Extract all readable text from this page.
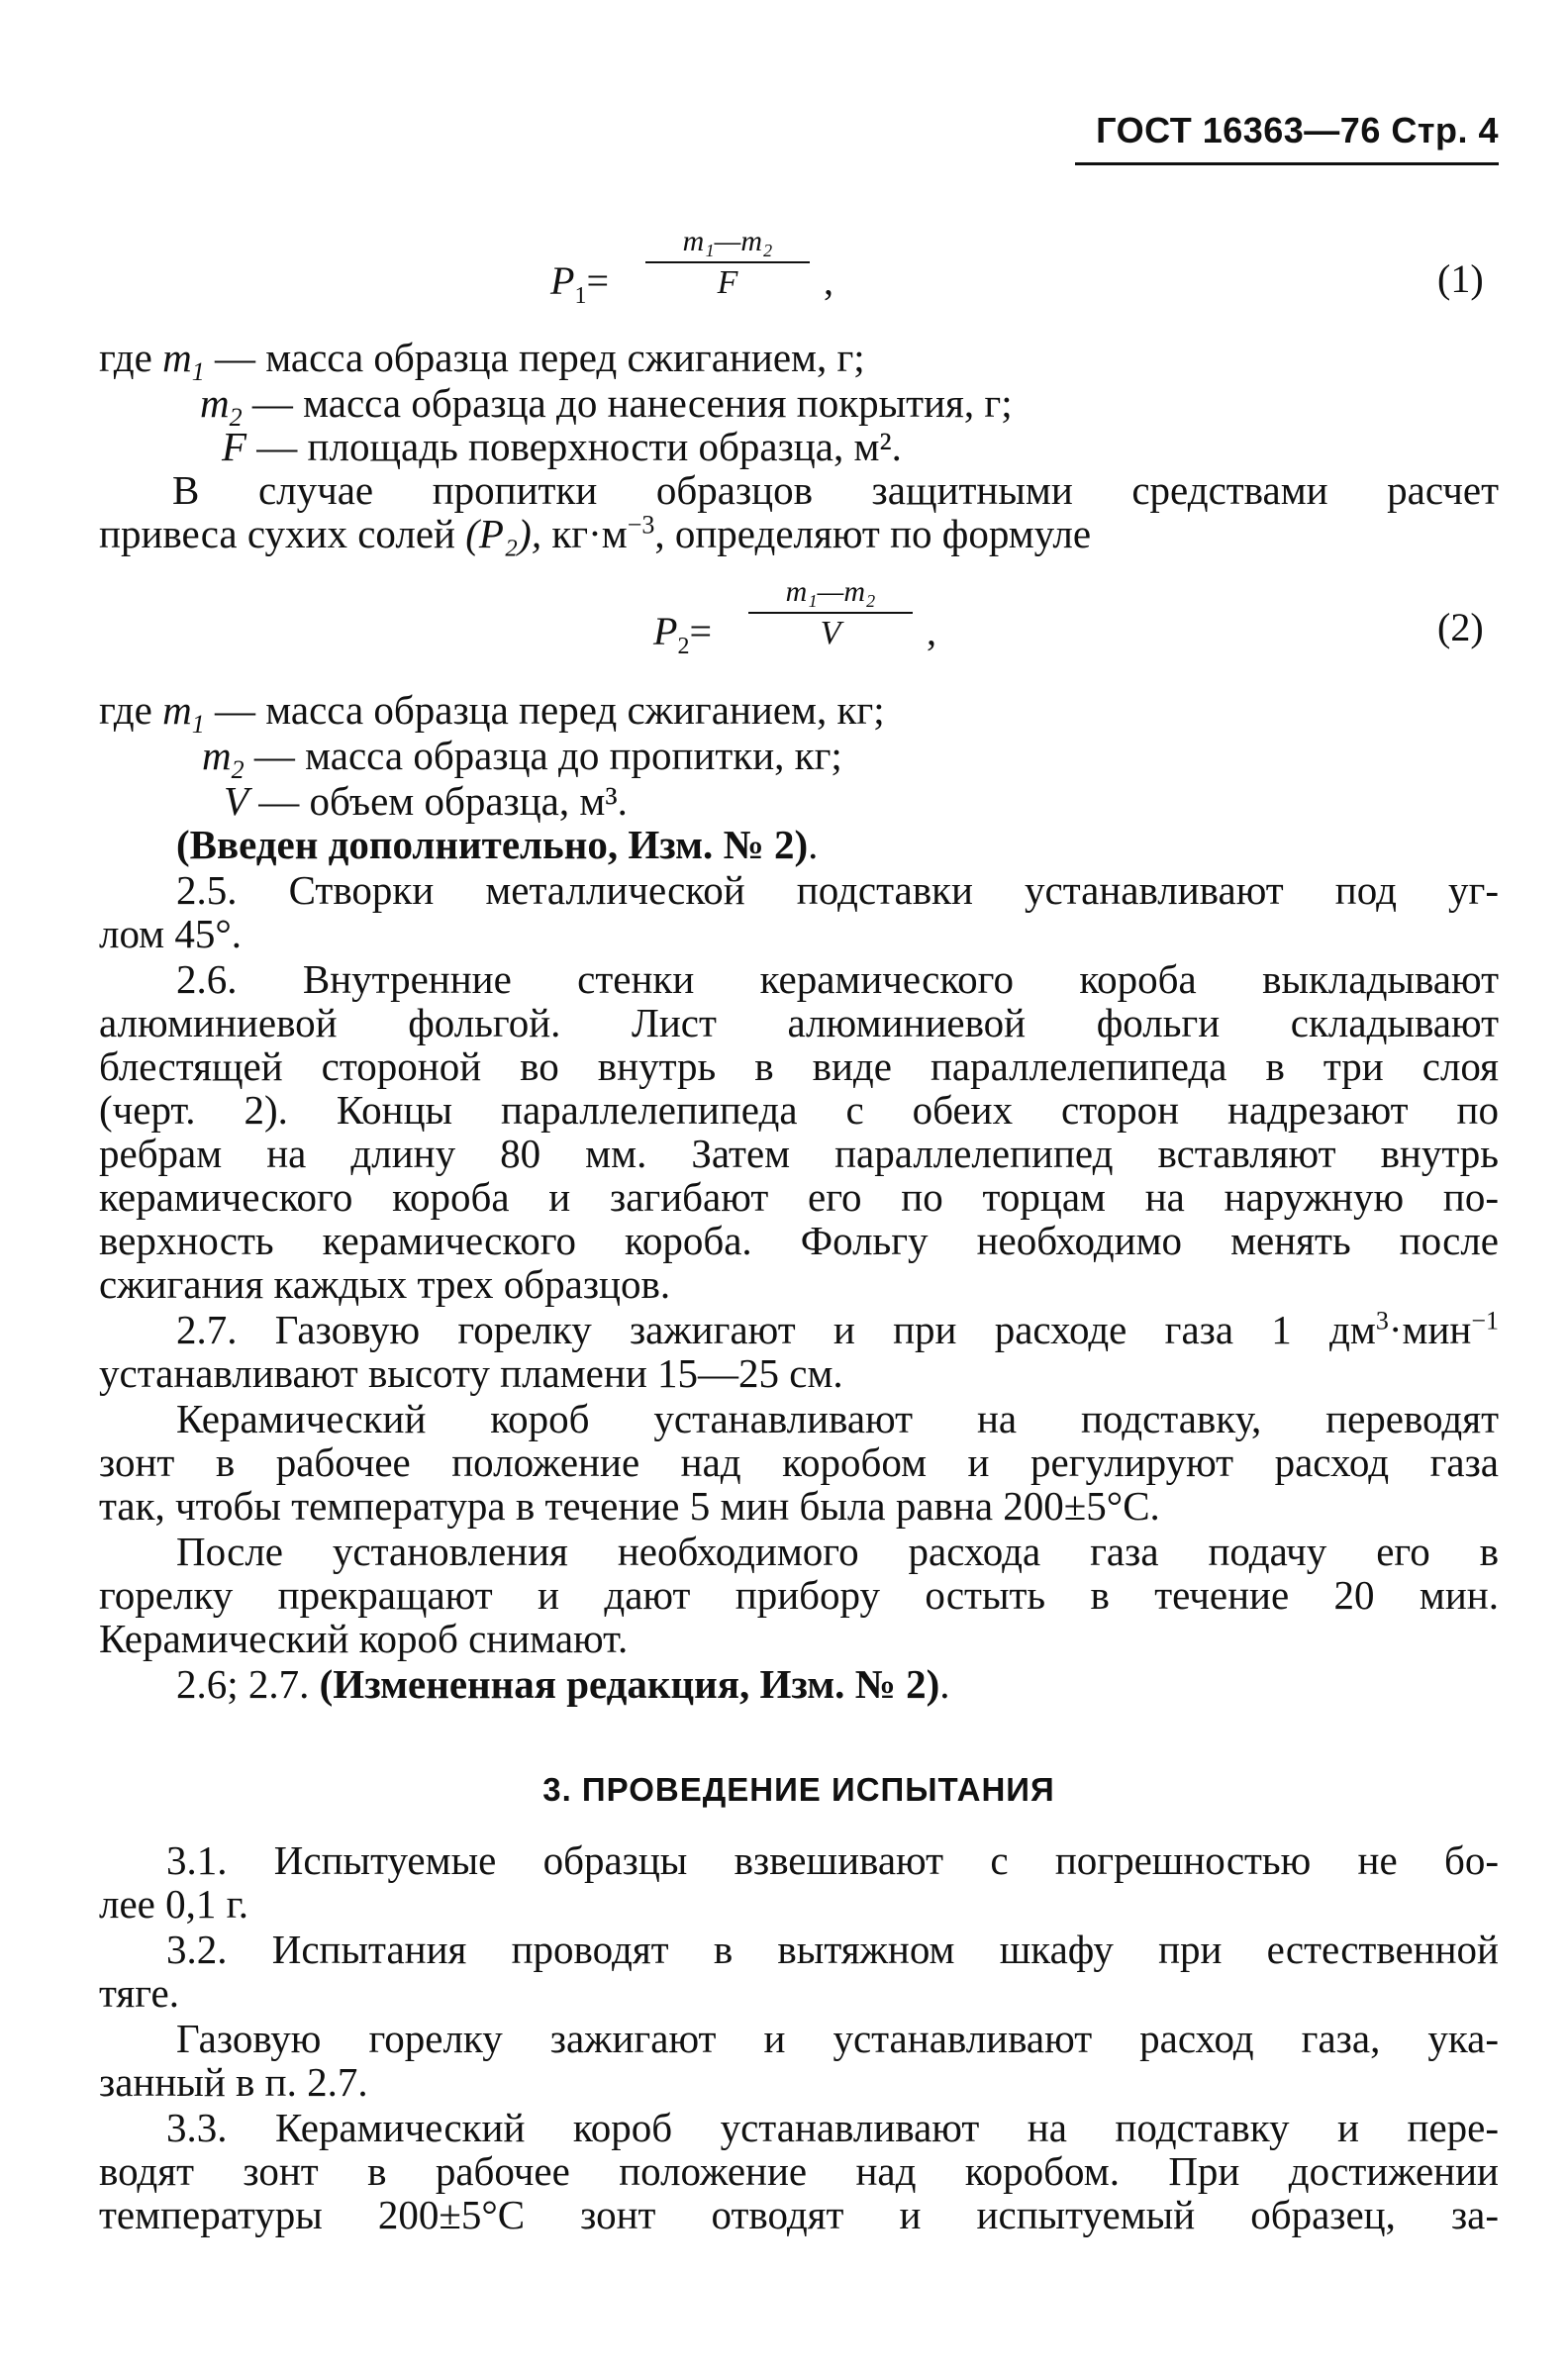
ГОСТ 16363—76 Стр. 4
$P_1= \frac{\text{m₁—m₂}}{F}$ ,	(1)

где $m_1$ — масса образца перед сжиганием, г;

$m_2$ — масса образца до нанесения покрытия, г;

F — площадь поверхности образца, м².

В случае пропитки образцов защитными средствами расчет

привеса сухих солей (P₂), $кг\cdot м^{-3}$, определяют по формуле

$P_2= \frac{\text{m₁—m₂}}{V}$ ,	(2)

где $m_1$ — масса образца перед сжиганием, кг;

$m_2$ — масса образца до пропитки, кг;

V — объем образца, м³.

(Введен дополнительно, Изм. № 2).

2.5. Створки металлической подставки устанавливают под уг-

лом 45°.

2.6. Внутренние стенки керамического короба выкладывают

алюминиевой фольгой. Лист алюминиевой фольги складывают

блестящей стороной во внутрь в виде параллелепипеда в три слоя

(черт. 2). Концы параллелепипеда с обеих сторон надрезают по

ребрам на длину 80 мм. Затем параллелепипед вставляют внутрь

керамического короба и загибают его по торцам на наружную по-

верхность керамического короба. Фольгу необходимо менять после

сжигания каждых трех образцов.

2.7. Газовую горелку зажигают и при расходе газа 1 $дм^3\cdot мин^{-1}$

устанавливают высоту пламени 15—25 см.

Керамический короб устанавливают на подставку, переводят

зонт в рабочее положение над коробом и регулируют расход газа

так, чтобы температура в течение 5 мин была равна 200±5°С.

После установления необходимого расхода газа подачу его в

горелку прекращают и дают прибору остыть в течение 20 мин.

Керамический короб снимают.

2.6; 2.7. (Измененная редакция, Изм. № 2).

3. ПРОВЕДЕНИЕ ИСПЫТАНИЯ

3.1. Испытуемые образцы взвешивают с погрешностью не бо-

лее 0,1 г.

3.2. Испытания проводят в вытяжном шкафу при естественной

тяге.

Газовую горелку зажигают и устанавливают расход газа, ука-

занный в п. 2.7.

3.3. Керамический короб устанавливают на подставку и пере-

водят зонт в рабочее положение над коробом. При достижении

температуры 200±5°С зонт отводят и испытуемый образец, за-
